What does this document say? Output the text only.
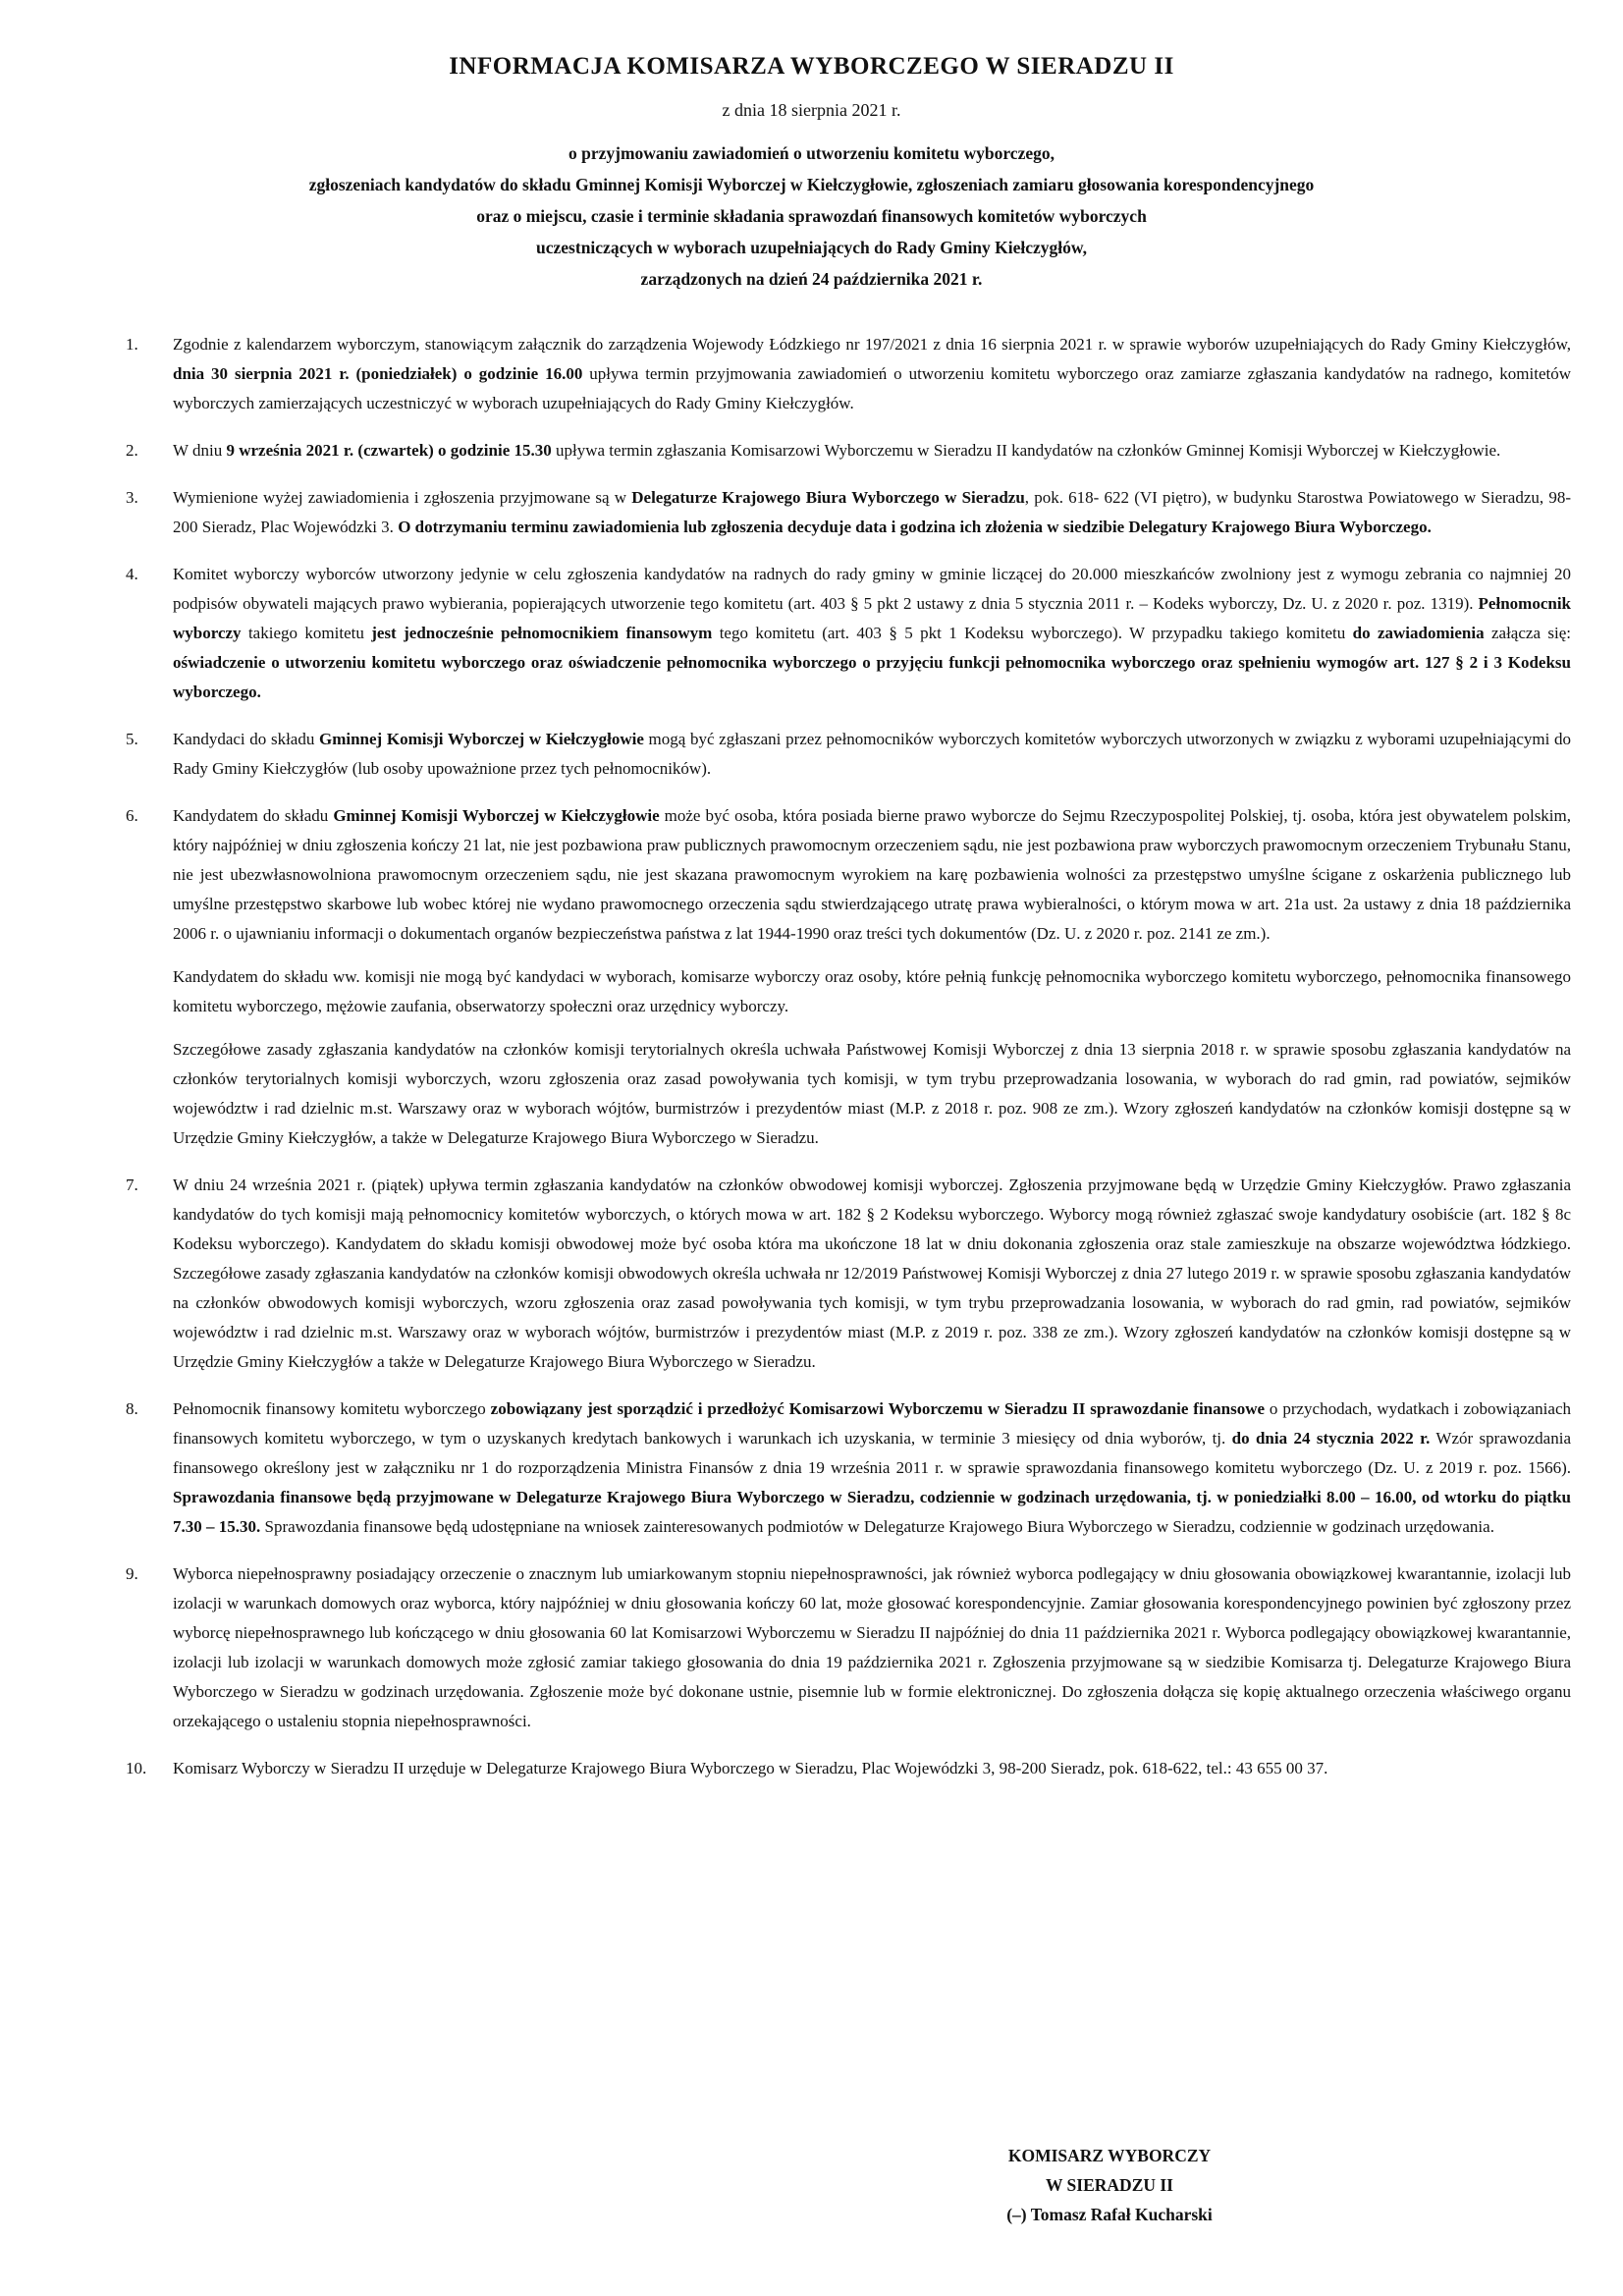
INFORMACJA KOMISARZA WYBORCZEGO W SIERADZU II
z dnia 18 sierpnia 2021 r.
o przyjmowaniu zawiadomień o utworzeniu komitetu wyborczego,
zgłoszeniach kandydatów do składu Gminnej Komisji Wyborczej w Kiełczygłowie, zgłoszeniach zamiaru głosowania korespondencyjnego
oraz o miejscu, czasie i terminie składania sprawozdań finansowych komitetów wyborczych
uczestniczących w wyborach uzupełniających do Rady Gminy Kiełczygłów,
zarządzonych na dzień 24 października 2021 r.
1.	Zgodnie z kalendarzem wyborczym, stanowiącym załącznik do zarządzenia Wojewody Łódzkiego nr 197/2021 z dnia 16 sierpnia 2021 r. w sprawie wyborów uzupełniających do Rady Gminy Kiełczygłów, dnia 30 sierpnia 2021 r. (poniedziałek) o godzinie 16.00 upływa termin przyjmowania zawiadomień o utworzeniu komitetu wyborczego oraz zamiarze zgłaszania kandydatów na radnego, komitetów wyborczych zamierzających uczestniczyć w wyborach uzupełniających do Rady Gminy Kiełczygłów.
2.	W dniu 9 września 2021 r. (czwartek) o godzinie 15.30 upływa termin zgłaszania Komisarzowi Wyborczemu w Sieradzu II kandydatów na członków Gminnej Komisji Wyborczej w Kiełczygłowie.
3.	Wymienione wyżej zawiadomienia i zgłoszenia przyjmowane są w Delegaturze Krajowego Biura Wyborczego w Sieradzu, pok. 618- 622 (VI piętro), w budynku Starostwa Powiatowego w Sieradzu, 98-200 Sieradz, Plac Wojewódzki 3. O dotrzymaniu terminu zawiadomienia lub zgłoszenia decyduje data i godzina ich złożenia w siedzibie Delegatury Krajowego Biura Wyborczego.
4.	Komitet wyborczy wyborców utworzony jedynie w celu zgłoszenia kandydatów na radnych do rady gminy w gminie liczącej do 20.000 mieszkańców zwolniony jest z wymogu zebrania co najmniej 20 podpisów obywateli mających prawo wybierania, popierających utworzenie tego komitetu (art. 403 § 5 pkt 2 ustawy z dnia 5 stycznia 2011 r. – Kodeks wyborczy, Dz. U. z 2020 r. poz. 1319). Pełnomocnik wyborczy takiego komitetu jest jednocześnie pełnomocnikiem finansowym tego komitetu (art. 403 § 5 pkt 1 Kodeksu wyborczego). W przypadku takiego komitetu do zawiadomienia załącza się: oświadczenie o utworzeniu komitetu wyborczego oraz oświadczenie pełnomocnika wyborczego o przyjęciu funkcji pełnomocnika wyborczego oraz spełnieniu wymogów art. 127 § 2 i 3 Kodeksu wyborczego.
5.	Kandydaci do składu Gminnej Komisji Wyborczej w Kiełczygłowie mogą być zgłaszani przez pełnomocników wyborczych komitetów wyborczych utworzonych w związku z wyborami uzupełniającymi do Rady Gminy Kiełczygłów (lub osoby upoważnione przez tych pełnomocników).
6.	Kandydatem do składu Gminnej Komisji Wyborczej w Kiełczygłowie może być osoba, która posiada bierne prawo wyborcze do Sejmu Rzeczypospolitej Polskiej, tj. osoba, która jest obywatelem polskim, który najpóźniej w dniu zgłoszenia kończy 21 lat, nie jest pozbawiona praw publicznych prawomocnym orzeczeniem sądu, nie jest pozbawiona praw wyborczych prawomocnym orzeczeniem Trybunału Stanu, nie jest ubezwłasnowolniona prawomocnym orzeczeniem sądu, nie jest skazana prawomocnym wyrokiem na karę pozbawienia wolności za przestępstwo umyślne ścigane z oskarżenia publicznego lub umyślne przestępstwo skarbowe lub wobec której nie wydano prawomocnego orzeczenia sądu stwierdzającego utratę prawa wybieralności, o którym mowa w art. 21a ust. 2a ustawy z dnia 18 października 2006 r. o ujawnianiu informacji o dokumentach organów bezpieczeństwa państwa z lat 1944-1990 oraz treści tych dokumentów (Dz. U. z 2020 r. poz. 2141 ze zm.).
Kandydatem do składu ww. komisji nie mogą być kandydaci w wyborach, komisarze wyborczy oraz osoby, które pełnią funkcję pełnomocnika wyborczego komitetu wyborczego, pełnomocnika finansowego komitetu wyborczego, mężowie zaufania, obserwatorzy społeczni oraz urzędnicy wyborczy.
Szczegółowe zasady zgłaszania kandydatów na członków komisji terytorialnych określa uchwała Państwowej Komisji Wyborczej z dnia 13 sierpnia 2018 r. w sprawie sposobu zgłaszania kandydatów na członków terytorialnych komisji wyborczych, wzoru zgłoszenia oraz zasad powoływania tych komisji, w tym trybu przeprowadzania losowania, w wyborach do rad gmin, rad powiatów, sejmików województw i rad dzielnic m.st. Warszawy oraz w wyborach wójtów, burmistrzów i prezydentów miast (M.P. z 2018 r. poz. 908 ze zm.). Wzory zgłoszeń kandydatów na członków komisji dostępne są w Urzędzie Gminy Kiełczygłów, a także w Delegaturze Krajowego Biura Wyborczego w Sieradzu.
7.	W dniu 24 września 2021 r. (piątek) upływa termin zgłaszania kandydatów na członków obwodowej komisji wyborczej. Zgłoszenia przyjmowane będą w Urzędzie Gminy Kiełczygłów. Prawo zgłaszania kandydatów do tych komisji mają pełnomocnicy komitetów wyborczych, o których mowa w art. 182 § 2 Kodeksu wyborczego. Wyborcy mogą również zgłaszać swoje kandydatury osobiście (art. 182 § 8c Kodeksu wyborczego). Kandydatem do składu komisji obwodowej może być osoba która ma ukończone 18 lat w dniu dokonania zgłoszenia oraz stale zamieszkuje na obszarze województwa łódzkiego. Szczegółowe zasady zgłaszania kandydatów na członków komisji obwodowych określa uchwała nr 12/2019 Państwowej Komisji Wyborczej z dnia 27 lutego 2019 r. w sprawie sposobu zgłaszania kandydatów na członków obwodowych komisji wyborczych, wzoru zgłoszenia oraz zasad powoływania tych komisji, w tym trybu przeprowadzania losowania, w wyborach do rad gmin, rad powiatów, sejmików województw i rad dzielnic m.st. Warszawy oraz w wyborach wójtów, burmistrzów i prezydentów miast (M.P. z 2019 r. poz. 338 ze zm.). Wzory zgłoszeń kandydatów na członków komisji dostępne są w Urzędzie Gminy Kiełczygłów a także w Delegaturze Krajowego Biura Wyborczego w Sieradzu.
8.	Pełnomocnik finansowy komitetu wyborczego zobowiązany jest sporządzić i przedłożyć Komisarzowi Wyborczemu w Sieradzu II sprawozdanie finansowe o przychodach, wydatkach i zobowiązaniach finansowych komitetu wyborczego, w tym o uzyskanych kredytach bankowych i warunkach ich uzyskania, w terminie 3 miesięcy od dnia wyborów, tj. do dnia 24 stycznia 2022 r. Wzór sprawozdania finansowego określony jest w załączniku nr 1 do rozporządzenia Ministra Finansów z dnia 19 września 2011 r. w sprawie sprawozdania finansowego komitetu wyborczego (Dz. U. z 2019 r. poz. 1566). Sprawozdania finansowe będą przyjmowane w Delegaturze Krajowego Biura Wyborczego w Sieradzu, codziennie w godzinach urzędowania, tj. w poniedziałki 8.00 – 16.00, od wtorku do piątku 7.30 – 15.30. Sprawozdania finansowe będą udostępniane na wniosek zainteresowanych podmiotów w Delegaturze Krajowego Biura Wyborczego w Sieradzu, codziennie w godzinach urzędowania.
9.	Wyborca niepełnosprawny posiadający orzeczenie o znacznym lub umiarkowanym stopniu niepełnosprawności, jak również wyborca podlegający w dniu głosowania obowiązkowej kwarantannie, izolacji lub izolacji w warunkach domowych oraz wyborca, który najpóźniej w dniu głosowania kończy 60 lat, może głosować korespondencyjnie. Zamiar głosowania korespondencyjnego powinien być zgłoszony przez wyborcę niepełnosprawnego lub kończącego w dniu głosowania 60 lat Komisarzowi Wyborczemu w Sieradzu II najpóźniej do dnia 11 października 2021 r. Wyborca podlegający obowiązkowej kwarantannie, izolacji lub izolacji w warunkach domowych może zgłosić zamiar takiego głosowania do dnia 19 października 2021 r. Zgłoszenia przyjmowane są w siedzibie Komisarza tj. Delegaturze Krajowego Biura Wyborczego w Sieradzu w godzinach urzędowania. Zgłoszenie może być dokonane ustnie, pisemnie lub w formie elektronicznej. Do zgłoszenia dołącza się kopię aktualnego orzeczenia właściwego organu orzekającego o ustaleniu stopnia niepełnosprawności.
10.	Komisarz Wyborczy w Sieradzu II urzęduje w Delegaturze Krajowego Biura Wyborczego w Sieradzu, Plac Wojewódzki 3, 98-200 Sieradz, pok. 618-622, tel.: 43 655 00 37.
KOMISARZ WYBORCZY
W SIERADZU II
(–) Tomasz Rafał Kucharski
